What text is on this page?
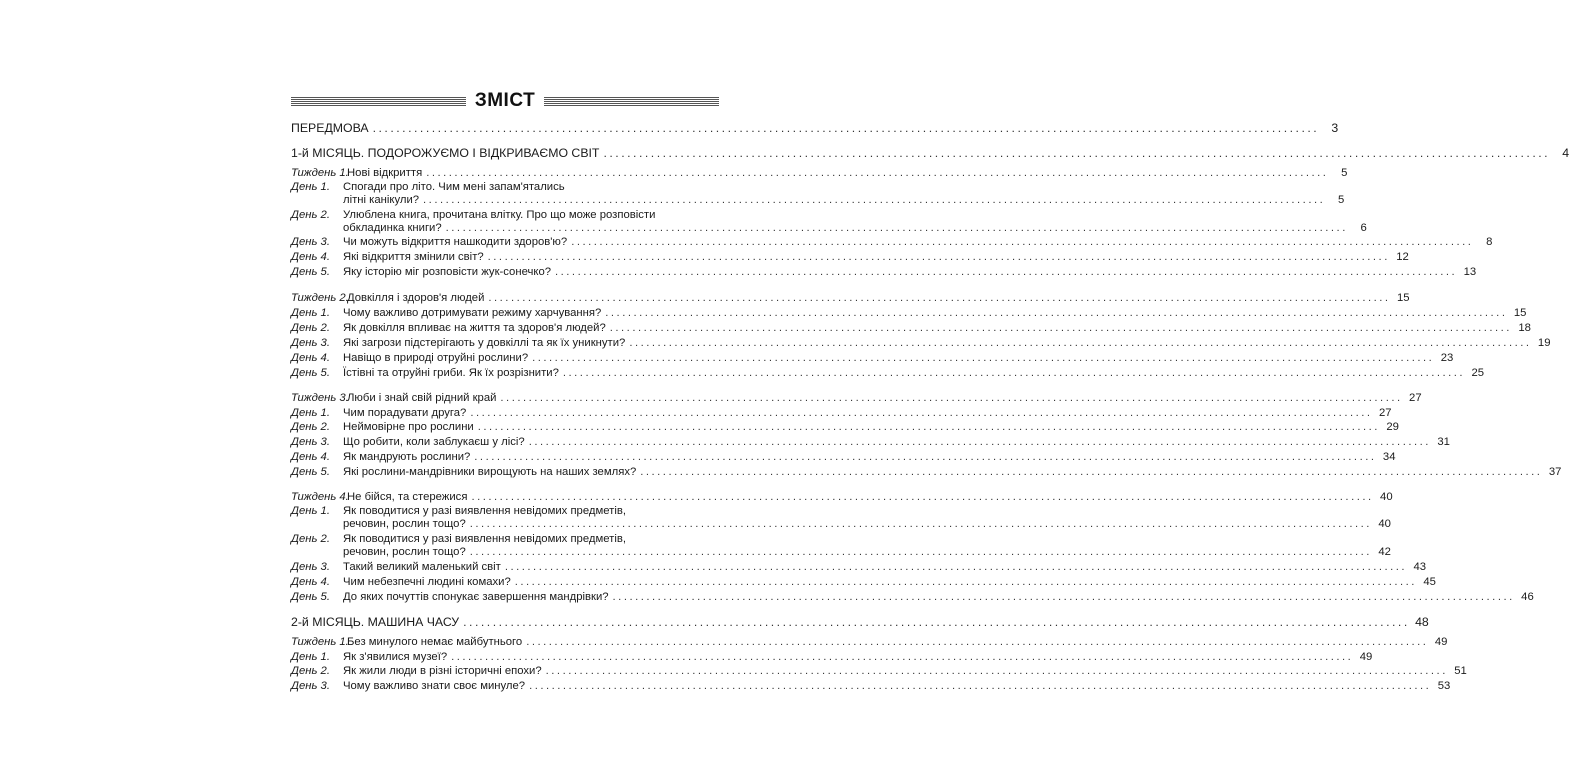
ЗМІСТ
ПЕРЕДМОВА ................................................................................................................................................................ 3
1-й МІСЯЦЬ. ПОДОРОЖУЄМО І ВІДКРИВАЄМО СВІТ ................................................................................................................................................................ 4
Тиждень 1.
Нові відкриття ................................................................................................................................................................	5
День 1. Спогади про літо. Чим мені запам'ятались
літні канікули? ................................................................................................................................................................	5
День 2. Улюблена книга, прочитана влітку. Про що може розповісти
обкладинка книги? ................................................................................................................................................................	6
День 3. Чи можуть відкриття нашкодити здоров'ю? ................................................................................................................................................................	8
День 4. Які відкриття змінили світ? ................................................................................................................................................................ 12
День 5. Яку історію міг розповісти жук-сонечко? ................................................................................................................................................................ 13
Тиждень 2.
Довкілля і здоров'я людей ................................................................................................................................................................ 15
День 1. Чому важливо дотримувати режиму харчування? ................................................................................................................................................................ 15
День 2. Як довкілля впливає на життя та здоров'я людей? ................................................................................................................................................................ 18
День 3. Які загрози підстерігають у довкіллі та як їх уникнути? ................................................................................................................................................................ 19
День 4. Навіщо в природі отруйні рослини? ................................................................................................................................................................ 23
День 5. Їстівні та отруйні гриби. Як їх розрізнити? ................................................................................................................................................................ 25
Тиждень 3.
Люби і знай свій рідний край ................................................................................................................................................................ 27
День 1. Чим порадувати друга? ................................................................................................................................................................ 27
День 2. Неймовірне про рослини ................................................................................................................................................................ 29
День 3. Що робити, коли заблукаєш у лісі? ................................................................................................................................................................ 31
День 4. Як мандрують рослини? ................................................................................................................................................................ 34
День 5. Які рослини-мандрівники вирощують на наших землях? ................................................................................................................................................................ 37
Тиждень 4.
Не бійся, та стережися ................................................................................................................................................................ 40
День 1. Як поводитися у разі виявлення невідомих предметів,
речовин, рослин тощо? ................................................................................................................................................................ 40
День 2. Як поводитися у разі виявлення невідомих предметів,
речовин, рослин тощо? ................................................................................................................................................................ 42
День 3. Такий великий маленький світ ................................................................................................................................................................ 43
День 4. Чим небезпечні людині комахи? ................................................................................................................................................................ 45
День 5. До яких почуттів спонукає завершення мандрівки? ................................................................................................................................................................ 46
2-й МІСЯЦЬ. МАШИНА ЧАСУ ................................................................................................................................................................ 48
Тиждень 1.
Без минулого немає майбутнього ................................................................................................................................................................ 49
День 1. Як з'явилися музеї? ................................................................................................................................................................ 49
День 2. Як жили люди в різні історичні епохи? ................................................................................................................................................................ 51
День 3. Чому важливо знати своє минуле? ................................................................................................................................................................ 53
